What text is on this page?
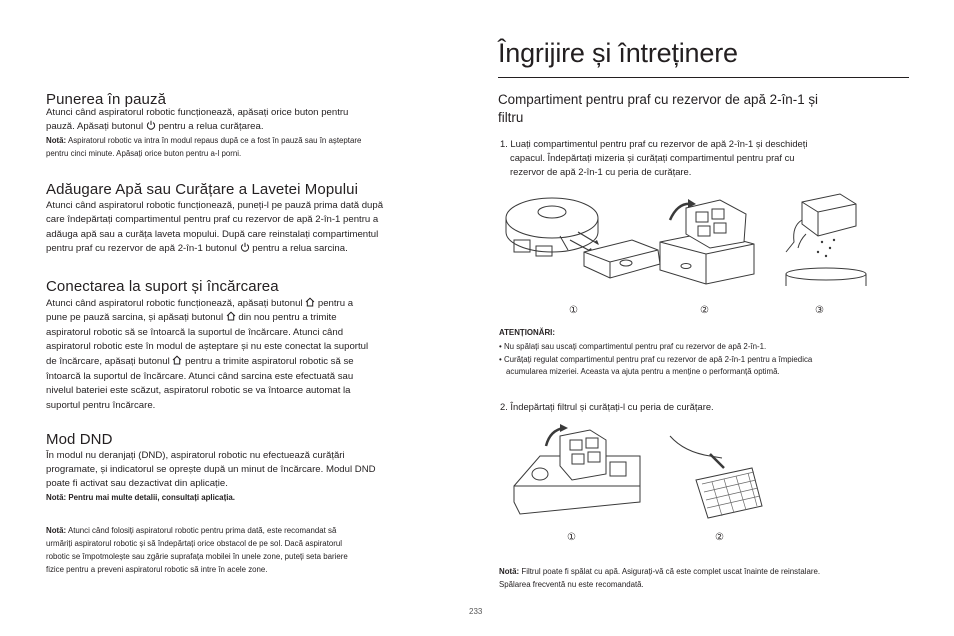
Punerea în pauză
Atunci când aspiratorul robotic funcționează, apăsați orice buton pentru
pauză. Apăsați butonul pentru a relua curățarea.
Notă: Aspiratorul robotic va intra în modul repaus după ce a fost în pauză sau în așteptare
pentru cinci minute. Apăsați orice buton pentru a-l porni.
Adăugare Apă sau Curățare a Lavetei Mopului
Atunci când aspiratorul robotic funcționează, puneți-l pe pauză prima dată după
care îndepărtați compartimentul pentru praf cu rezervor de apă 2-în-1 pentru a
adăuga apă sau a curăța laveta mopului. După care reinstalați compartimentul
pentru praf cu rezervor de apă 2-în-1 butonul pentru a relua sarcina.
Conectarea la suport și încărcarea
Atunci când aspiratorul robotic funcționează, apăsați butonul pentru a
pune pe pauză sarcina, și apăsați butonul din nou pentru a trimite
aspiratorul robotic să se întoarcă la suportul de încărcare. Atunci când
aspiratorul robotic este în modul de așteptare și nu este conectat la suportul
de încărcare, apăsați butonul pentru a trimite aspiratorul robotic să se
întoarcă la suportul de încărcare. Atunci când sarcina este efectuată sau
nivelul bateriei este scăzut, aspiratorul robotic se va întoarce automat la
suportul pentru încărcare.
Mod DND
În modul nu deranjați (DND), aspiratorul robotic nu efectuează curățări
programate, și indicatorul se oprește după un minut de încărcare. Modul DND
poate fi activat sau dezactivat din aplicație.
Notă: Pentru mai multe detalii, consultați aplicația.
Notă: Atunci când folosiți aspiratorul robotic pentru prima dată, este recomandat să
urmăriți aspiratorul robotic și să îndepărtați orice obstacol de pe sol. Dacă aspiratorul
robotic se împotmolește sau zgârie suprafața mobilei în unele zone, puteți seta bariere
fizice pentru a preveni aspiratorul robotic să intre în acele zone.
Îngrijire și întreținere
Compartiment pentru praf cu rezervor de apă 2-în-1 și
filtru
1. Luați compartimentul pentru praf cu rezervor de apă 2-în-1 și deschideți
capacul. Îndepărtați mizeria și curățați compartimentul pentru praf cu
rezervor de apă 2-în-1 cu peria de curățare.
①	②	③
ATENȚIONĂRI:
• Nu spălați sau uscați compartimentul pentru praf cu rezervor de apă 2-în-1.
• Curățați regulat compartimentul pentru praf cu rezervor de apă 2-în-1 pentru a împiedica
acumularea mizeriei. Aceasta va ajuta pentru a menține o performanță optimă.
2. Îndepărtați filtrul și curățați-l cu peria de curățare.
①	②
Notă: Filtrul poate fi spălat cu apă. Asigurați-vă că este complet uscat înainte de reinstalare.
Spălarea frecventă nu este recomandată.
233
